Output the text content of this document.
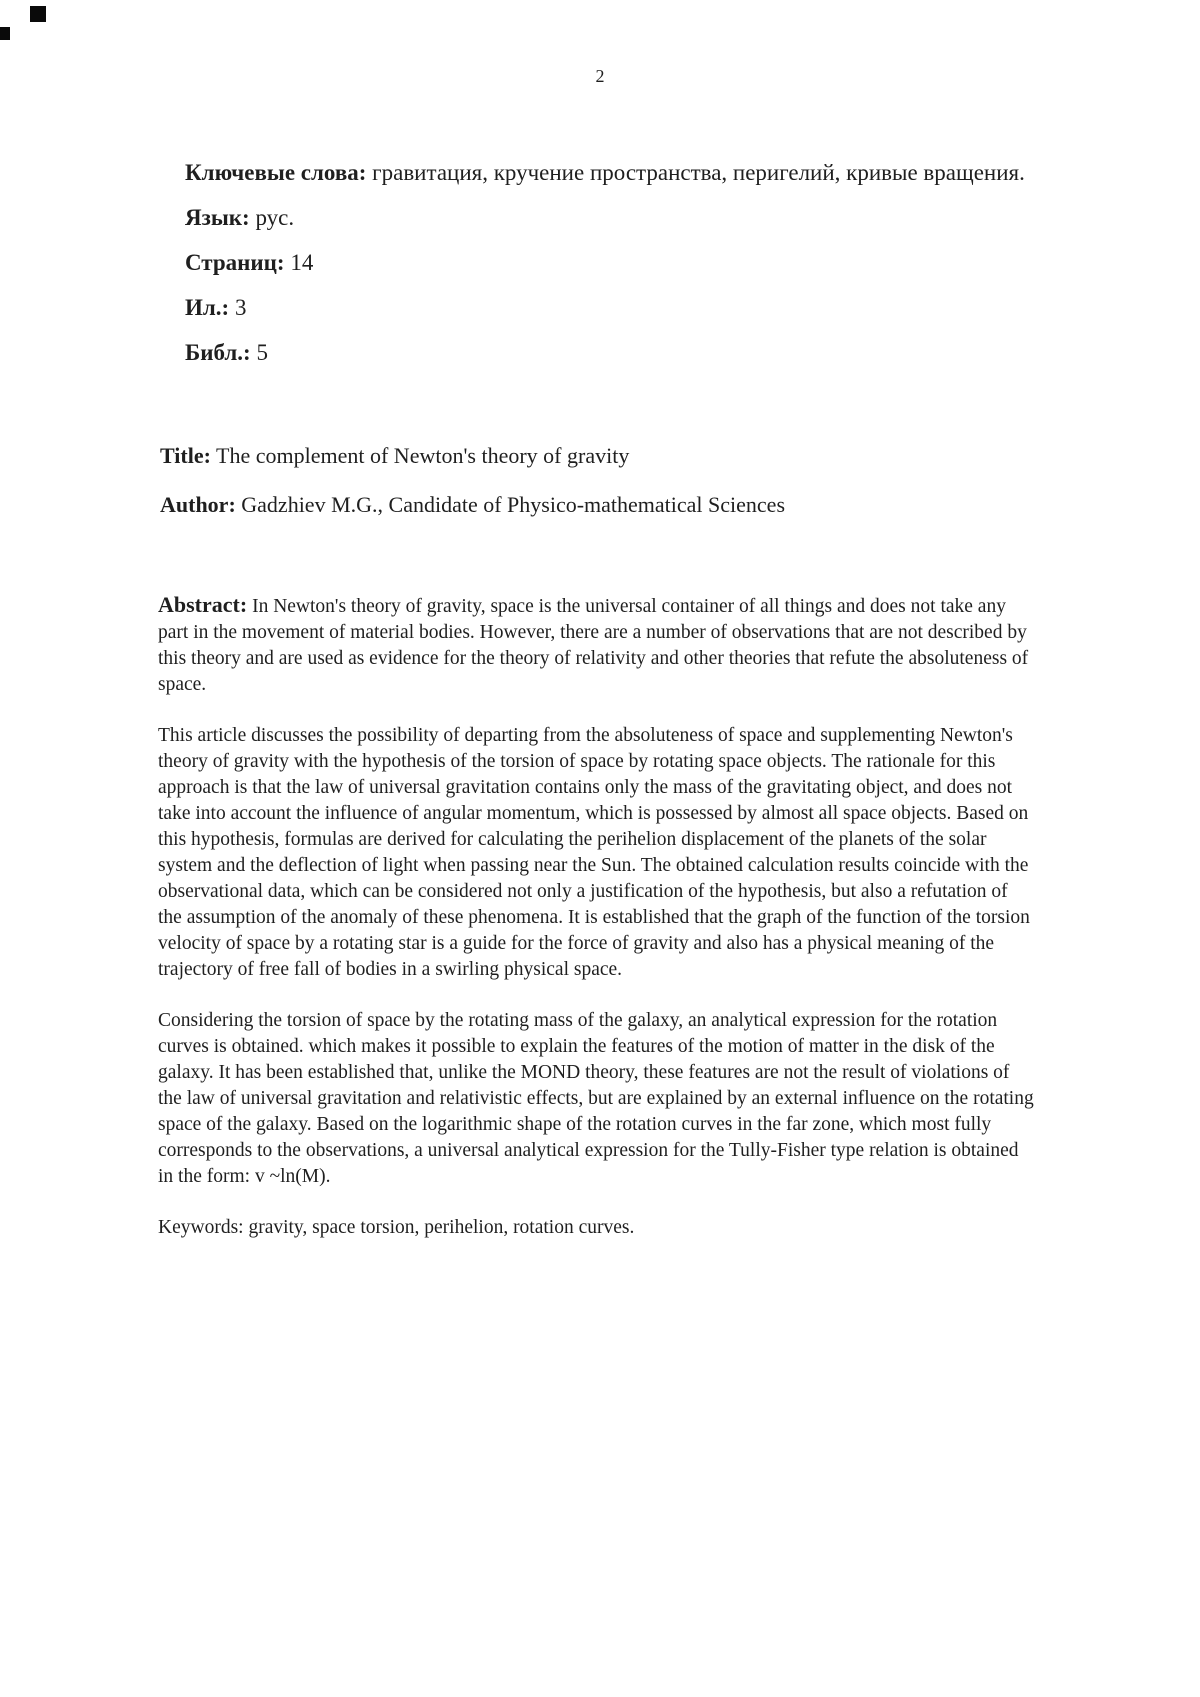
2

Ключевые слова: гравитация, кручение пространства, перигелий, кривые вращения.

Язык: рус.

Страниц: 14

Ил.: 3

Библ.: 5

Title: The complement of Newton's theory of gravity

Author: Gadzhiev M.G., Candidate of Physico-mathematical Sciences

Abstract: In Newton's theory of gravity, space is the universal container of all things and does not take any part in the movement of material bodies. However, there are a number of observations that are not described by this theory and are used as evidence for the theory of relativity and other theories that refute the absoluteness of space.

This article discusses the possibility of departing from the absoluteness of space and supplementing Newton's theory of gravity with the hypothesis of the torsion of space by rotating space objects. The rationale for this approach is that the law of universal gravitation contains only the mass of the gravitating object, and does not take into account the influence of angular momentum, which is possessed by almost all space objects. Based on this hypothesis, formulas are derived for calculating the perihelion displacement of the planets of the solar system and the deflection of light when passing near the Sun. The obtained calculation results coincide with the observational data, which can be considered not only a justification of the hypothesis, but also a refutation of the assumption of the anomaly of these phenomena. It is established that the graph of the function of the torsion velocity of space by a rotating star is a guide for the force of gravity and also has a physical meaning of the trajectory of free fall of bodies in a swirling physical space.

Considering the torsion of space by the rotating mass of the galaxy, an analytical expression for the rotation curves is obtained. which makes it possible to explain the features of the motion of matter in the disk of the galaxy. It has been established that, unlike the MOND theory, these features are not the result of violations of the law of universal gravitation and relativistic effects, but are explained by an external influence on the rotating space of the galaxy. Based on the logarithmic shape of the rotation curves in the far zone, which most fully corresponds to the observations, a universal analytical expression for the Tully-Fisher type relation is obtained in the form: v ~ln(M).

Keywords: gravity, space torsion, perihelion, rotation curves.
